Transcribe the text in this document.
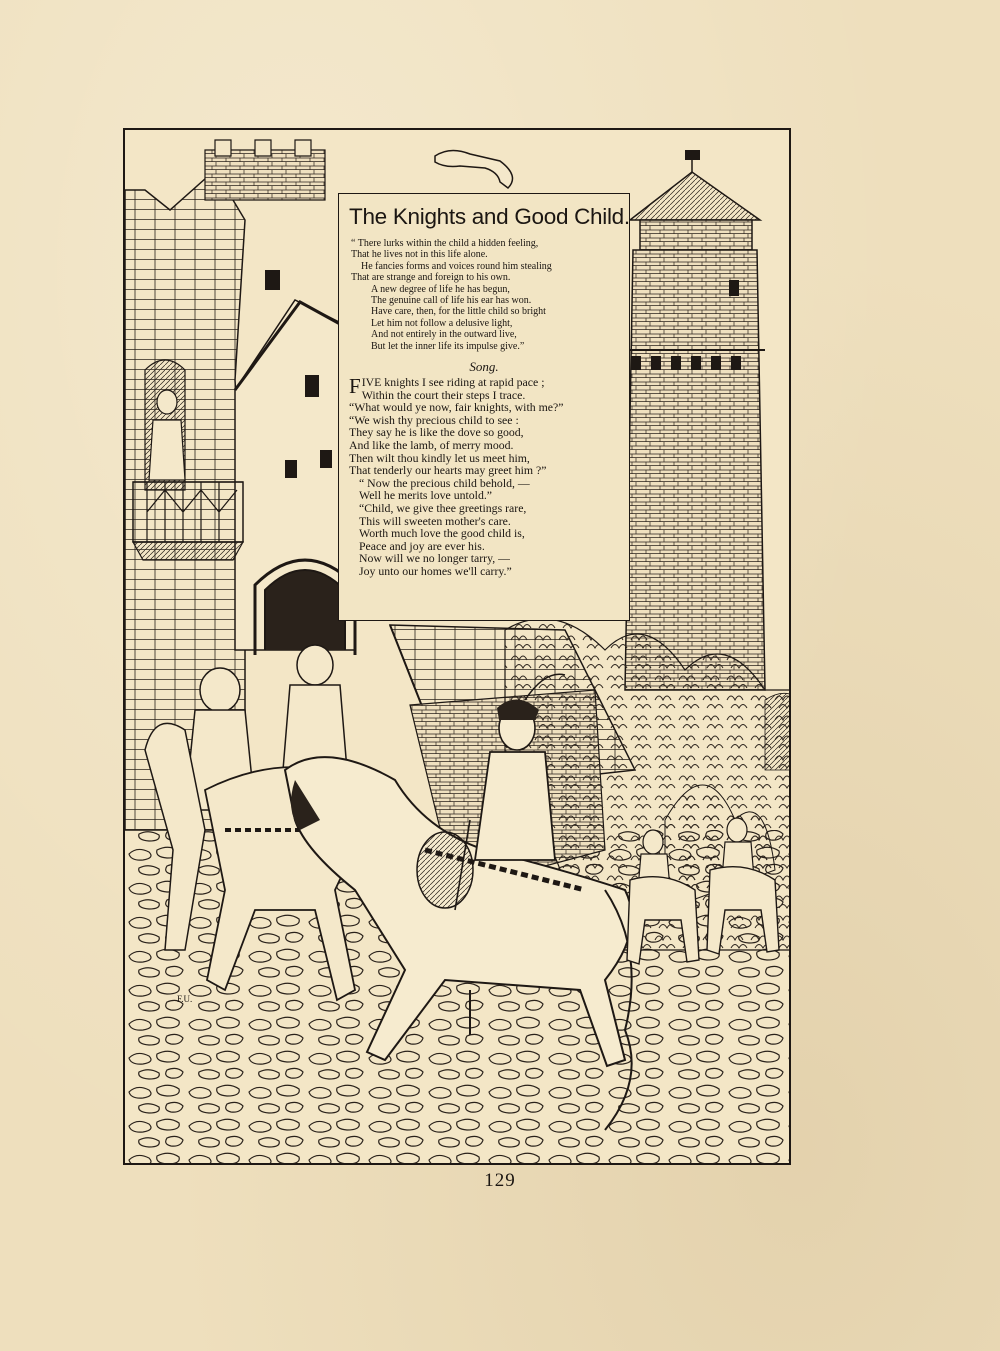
F.U.
The Knights and Good Child.
“ There lurks within the child a hidden feeling,
That he lives not in this life alone.
He fancies forms and voices round him stealing
That are strange and foreign to his own.
A new degree of life he has begun,
The genuine call of life his ear has won.
Have care, then, for the little child so bright
Let him not follow a delusive light,
And not entirely in the outward live,
But let the inner life its impulse give.”
Song.
F IVE knights I see riding at rapid pace ;
Within the court their steps I trace.
“What would ye now, fair knights, with me?”
“We wish thy precious child to see :
They say he is like the dove so good,
And like the lamb, of merry mood.
Then wilt thou kindly let us meet him,
That tenderly our hearts may greet him ?”
“ Now the precious child behold, —
Well he merits love untold.”
“Child, we give thee greetings rare,
This will sweeten mother's care.
Worth much love the good child is,
Peace and joy are ever his.
Now will we no longer tarry, —
Joy unto our homes we'll carry.”
129
